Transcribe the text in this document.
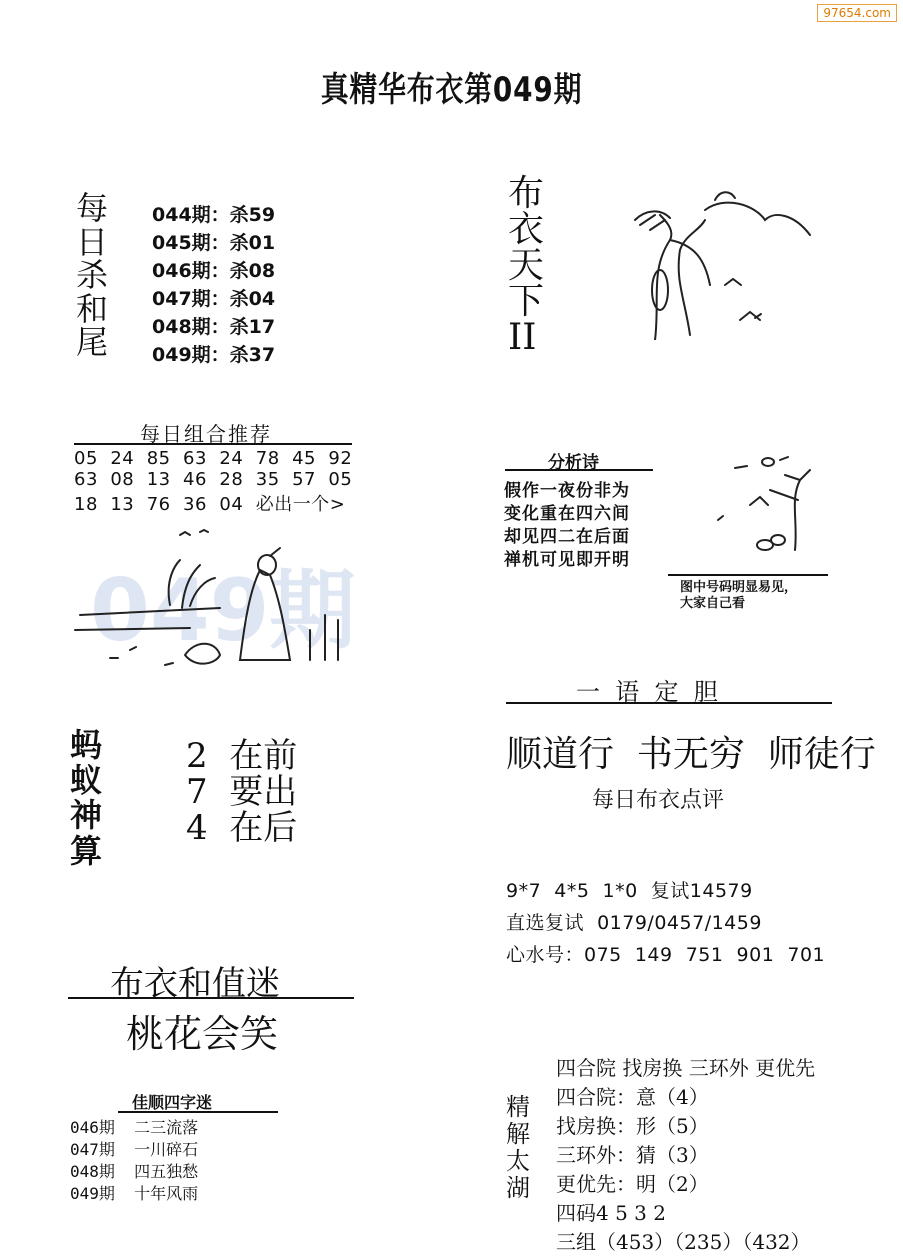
97654.com
真精华布衣第049期
每
日
杀
和
尾
044期：杀59
045期：杀01
046期：杀08
047期：杀04
048期：杀17
049期：杀37
布
衣
天
下
II
每日组合推荐
05  24  85  63  24  78  45  92
63  08  13  46  28  35  57  05
18  13  76  36  04  必出一个>
049期
分析诗
假作一夜份非为
变化重在四六间
却见四二在后面
禅机可见即开明
图中号码明显易见，
大家自己看
一  语  定  胆
顺道行  书无穷  师徒行
每日布衣点评
蚂
蚁
神
算
2  在前
7  要出
4  在后
9*7  4*5  1*0  复试14579
直选复试  0179/0457/1459
心水号：075  149  751  901  701
布衣和值迷
桃花会笑
佳顺四字迷
046期  二三流落
047期  一川碎石
048期  四五独愁
049期  十年风雨
精
解
太
湖
四合院 找房换 三环外 更优先
四合院：意（4）
找房换：形（5）
三环外：猜（3）
更优先：明（2）
四码4 5 3 2
三组（453）（235）（432）
